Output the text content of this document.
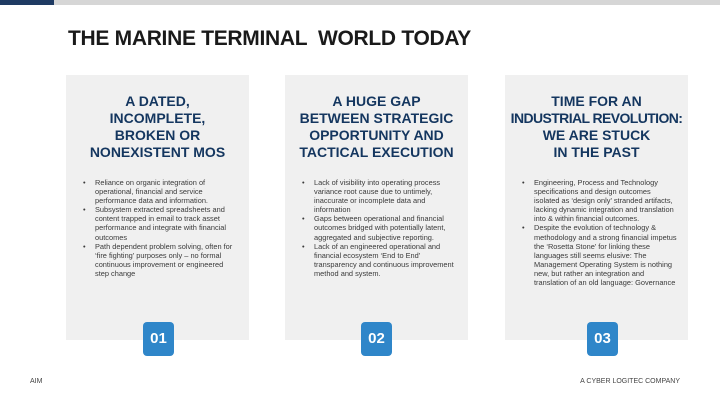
THE MARINE TERMINAL  WORLD TODAY
A DATED,
INCOMPLETE,
BROKEN OR
NONEXISTENT MOS
• Reliance on organic integration of operational, financial and service performance data and information.
• Subsystem extracted spreadsheets and content trapped in email to track asset performance and integrate with financial outcomes
• Path dependent problem solving, often for ‘fire fighting’ purposes only – no formal continuous improvement or engineered step change
01
A HUGE GAP
BETWEEN STRATEGIC
OPPORTUNITY AND
TACTICAL EXECUTION
• Lack of visibility into operating process variance root cause due to untimely, inaccurate or incomplete data and information
• Gaps between operational and financial outcomes bridged with potentially latent, aggregated and subjective reporting.
• Lack of an engineered operational and financial ecosystem ‘End to End’ transparency and continuous improvement method and system.
02
TIME FOR AN
INDUSTRIAL REVOLUTION:
WE ARE STUCK
IN THE PAST
• Engineering, Process and Technology specifications and design outcomes isolated as ‘design only’ stranded artifacts, lacking dynamic integration and translation into & within financial outcomes.
• Despite the evolution of technology & methodology and a strong financial impetus the ‘Rosetta Stone’ for linking these languages still seems elusive: The Management Operating System is nothing new, but rather an integration and translation of an old language: Governance
03
AIM	A CYBER LOGITEC COMPANY
